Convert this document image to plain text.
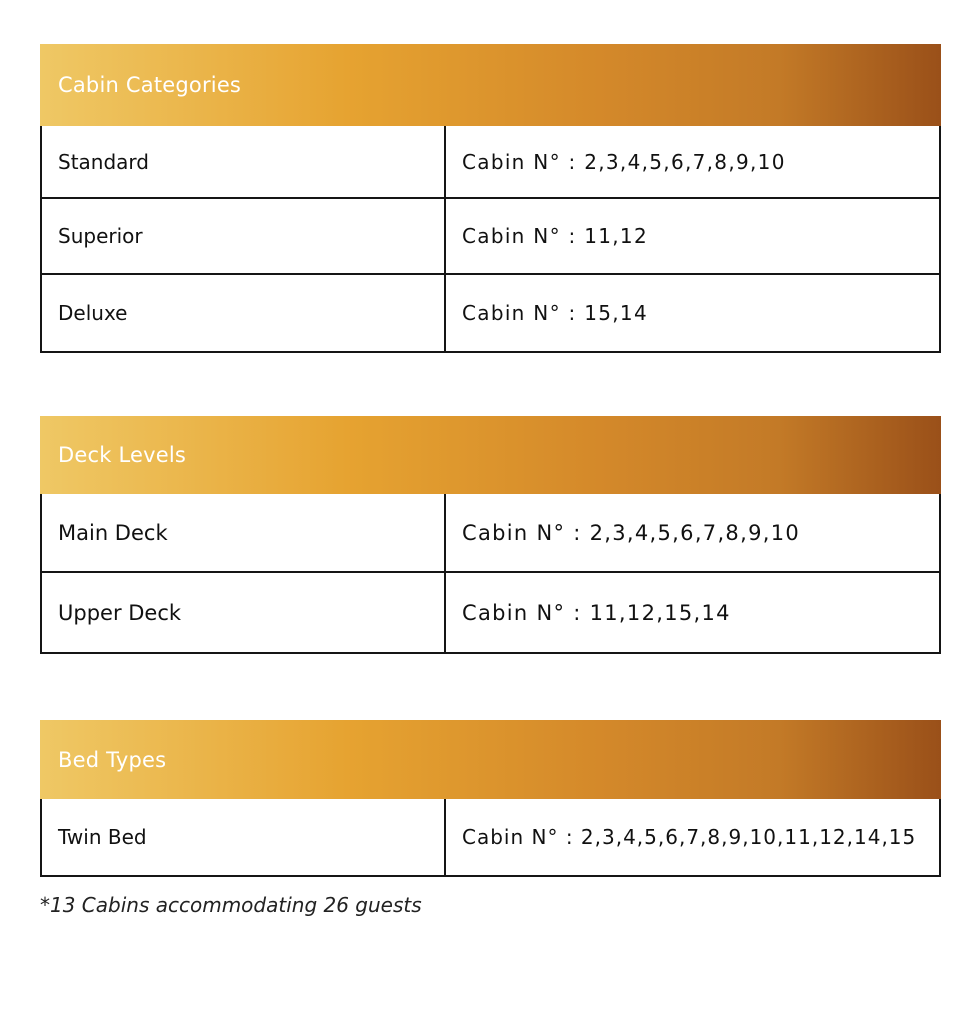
Cabin Categories
Standard	Cabin N° : 2,3,4,5,6,7,8,9,10
Superior	Cabin N° : 11,12
Deluxe	Cabin N° : 15,14
Deck Levels
Main Deck	Cabin N° : 2,3,4,5,6,7,8,9,10
Upper Deck	Cabin N° : 11,12,15,14
Bed Types
Twin Bed	Cabin N° : 2,3,4,5,6,7,8,9,10,11,12,14,15
*13 Cabins accommodating 26 guests
